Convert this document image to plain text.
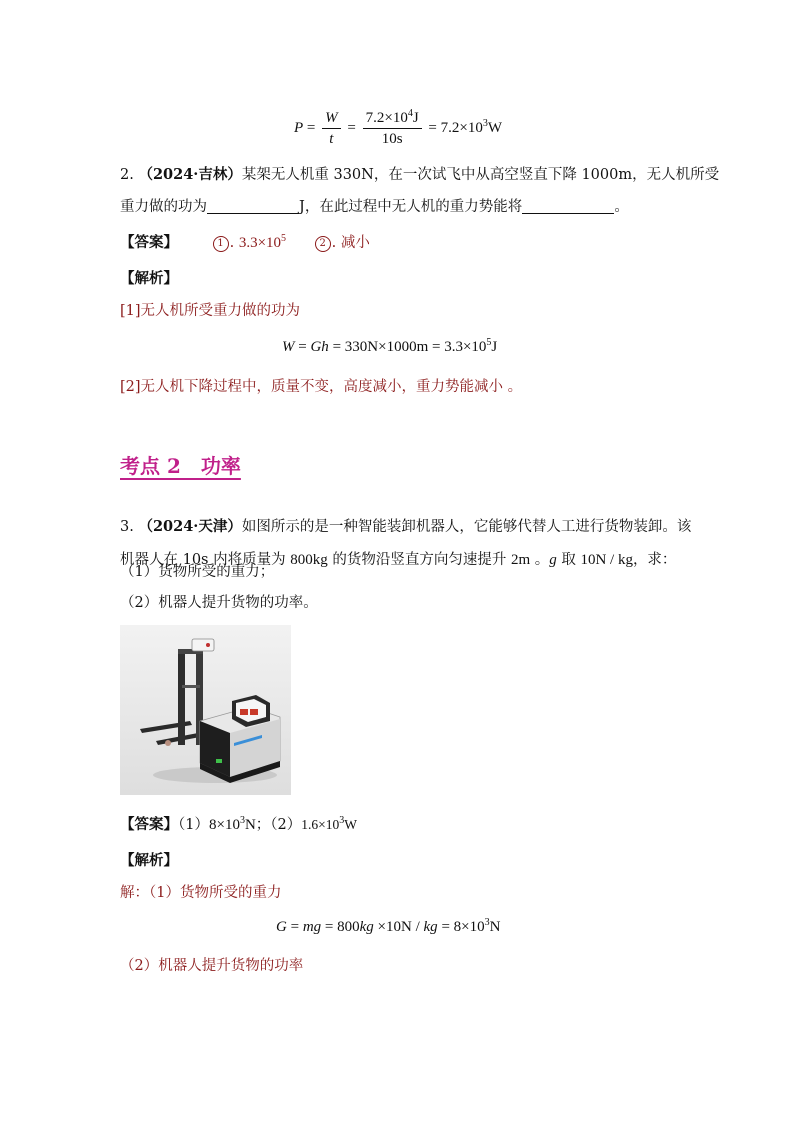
$P = \frac{W}{t} = \frac{7.2\times 10^4J}{10s} = 7.2\times 10^3W$
2. （2024·吉林）某架无人机重 330N，在一次试飞中从高空竖直下降 1000m，无人机所受
重力做的功为	J，在此过程中无人机的重力势能将	。
【答案】	1 . $3.3\times 10^5$	2 . 减小
【解析】
[1]无人机所受重力做的功为
$W = Gh = 330N\times 1000m = 3.3\times 10^5J$
[2]无人机下降过程中，质量不变，高度减小，重力势能减小 。
考点 2　功率
3. （2024·天津）如图所示的是一种智能装卸机器人，它能够代替人工进行货物装卸。该
机器人在 10s 内将质量为 800kg 的货物沿竖直方向匀速提升 2m 。g 取 10N / kg，求：
（1）货物所受的重力；
（2）机器人提升货物的功率。
【答案】$(1)8\times 10^3N$；$(2)1.6\times 10^3W$
【解析】
解：（1）货物所受的重力
G = mg = 800kg ×10N / kg = $8\times 10^3N$
（2）机器人提升货物的功率
